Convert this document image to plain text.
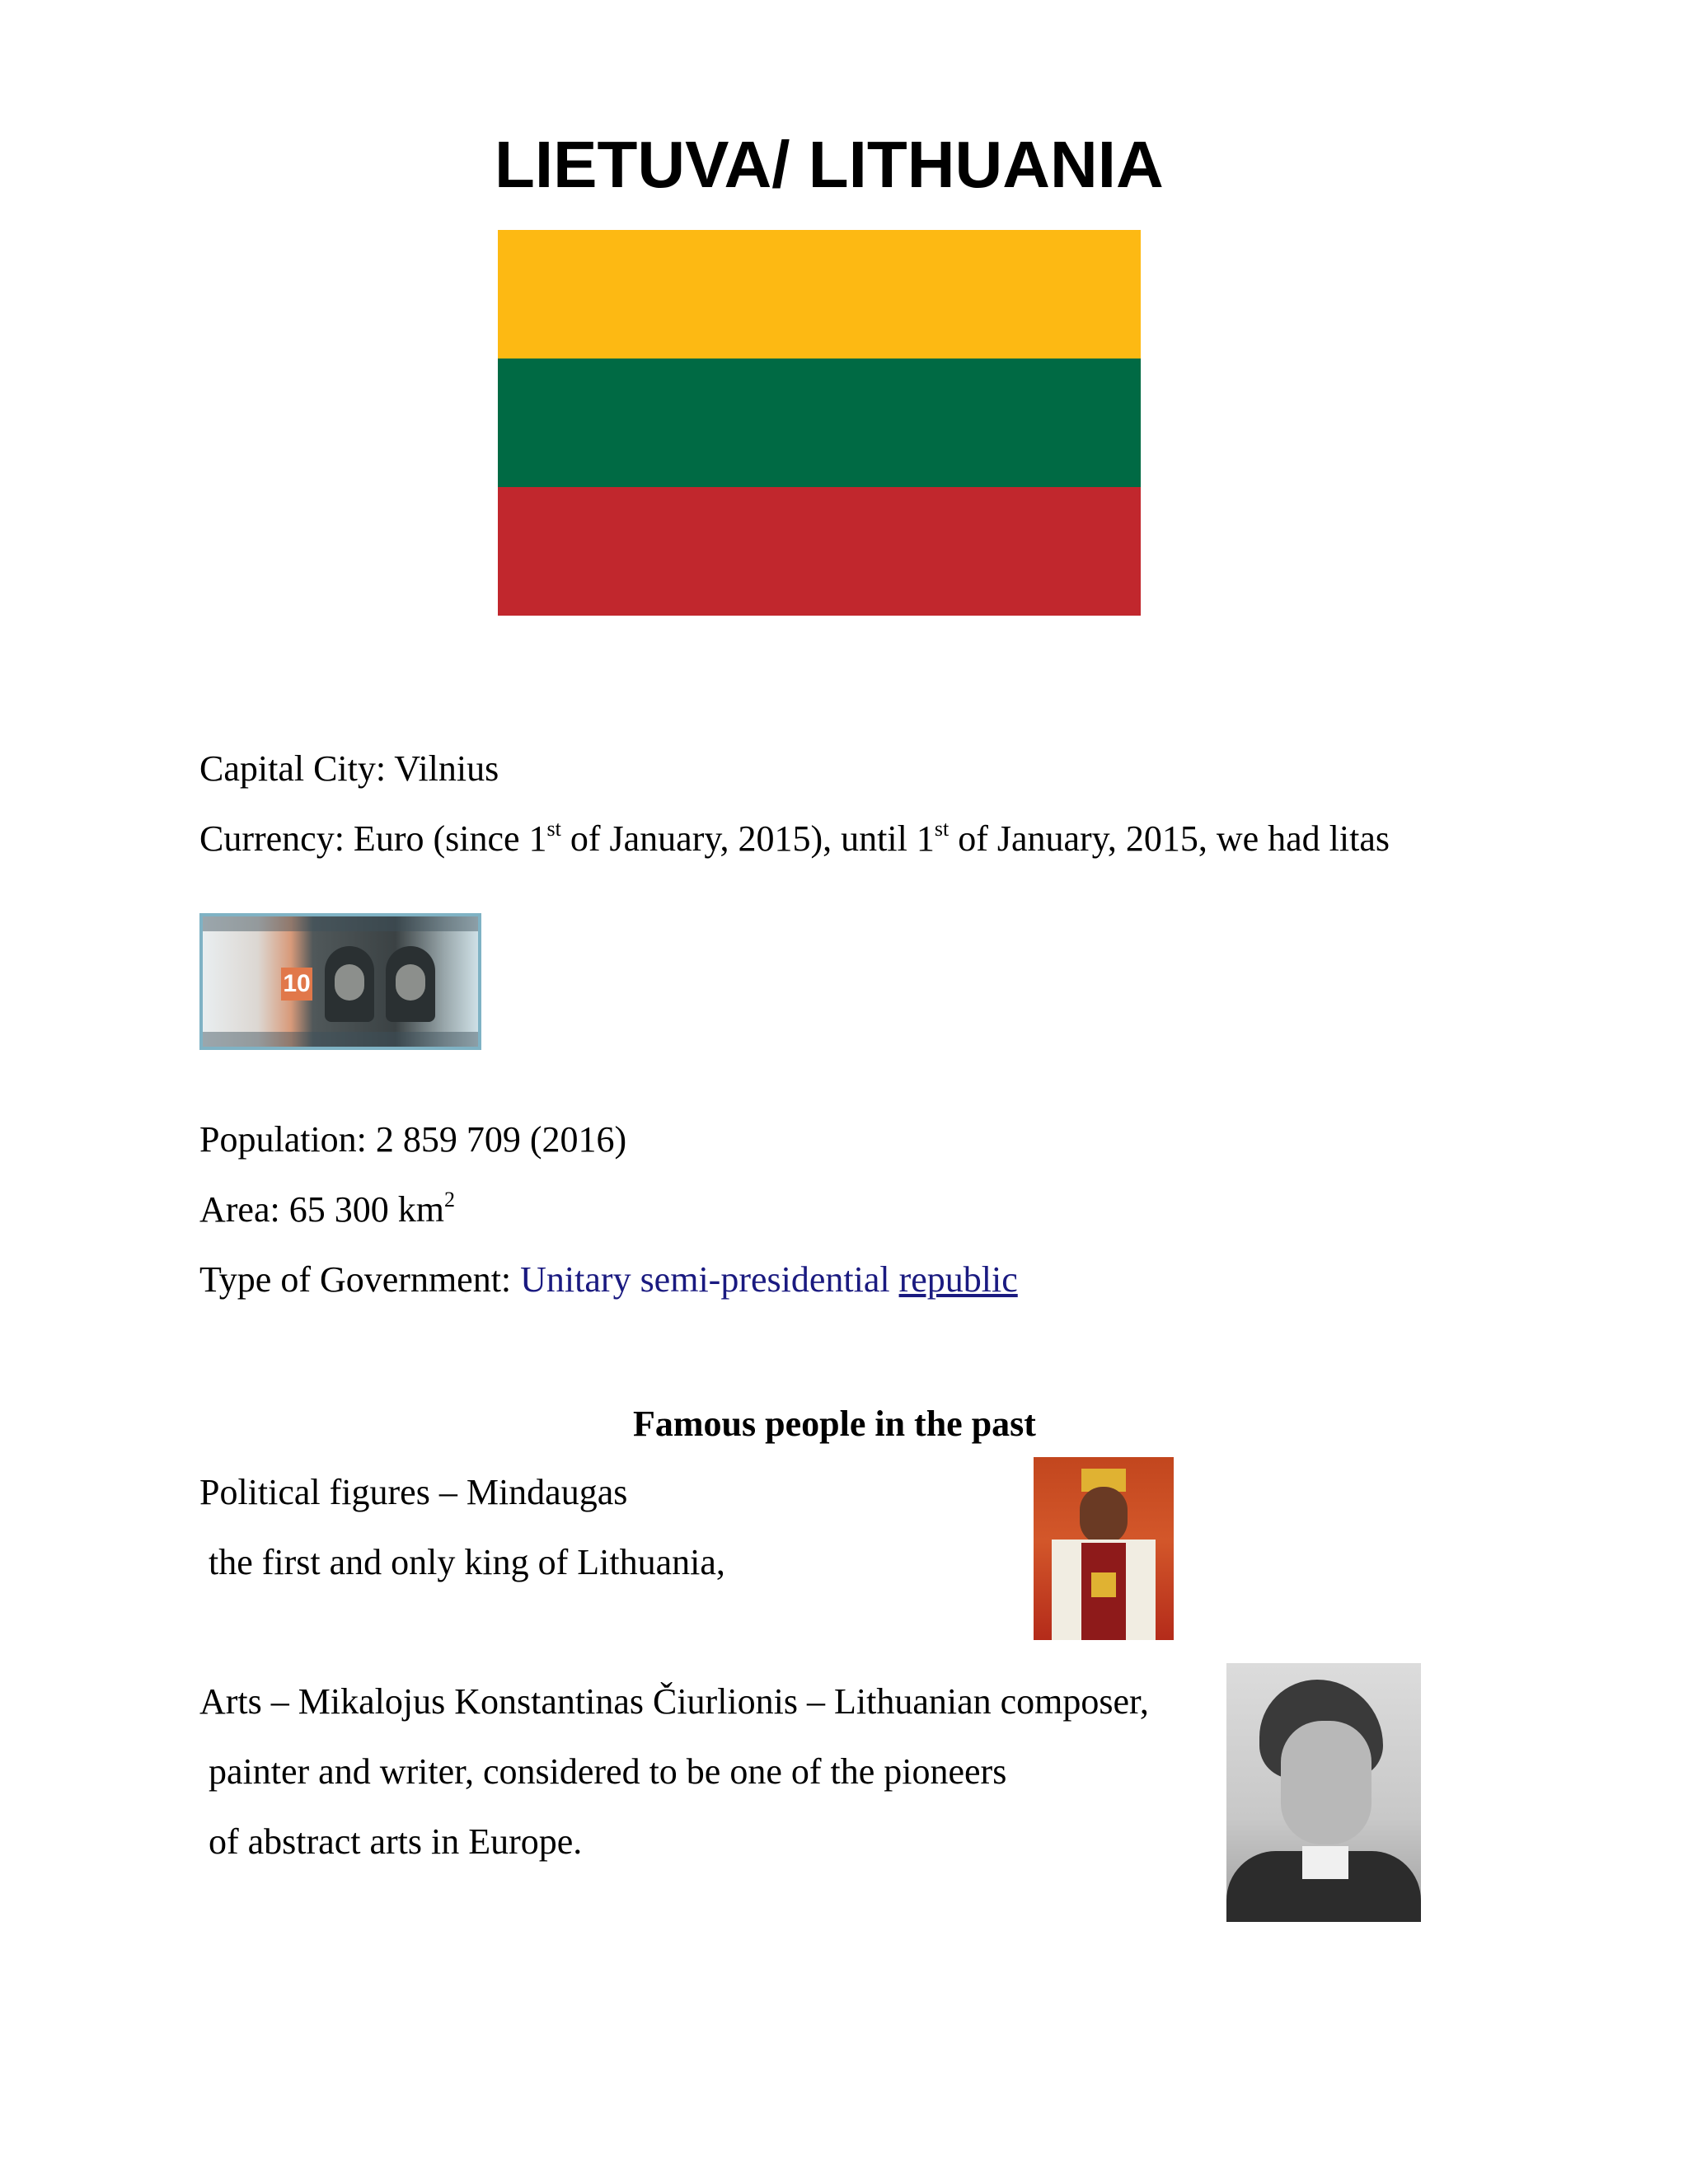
LIETUVA/ LITHUANIA
Capital City: Vilnius
Currency: Euro (since 1st of January, 2015), until 1st of January, 2015, we had litas
10
Population: 2 859 709 (2016)
Area: 65 300 $km^2$
Type of Government: Unitary semi-presidential republic
Famous people in the past
Political figures – Mindaugas
the first and only king of Lithuania,
Arts – Mikalojus Konstantinas Čiurlionis – Lithuanian composer,
painter and writer, considered to be one of the pioneers
of abstract arts in Europe.
